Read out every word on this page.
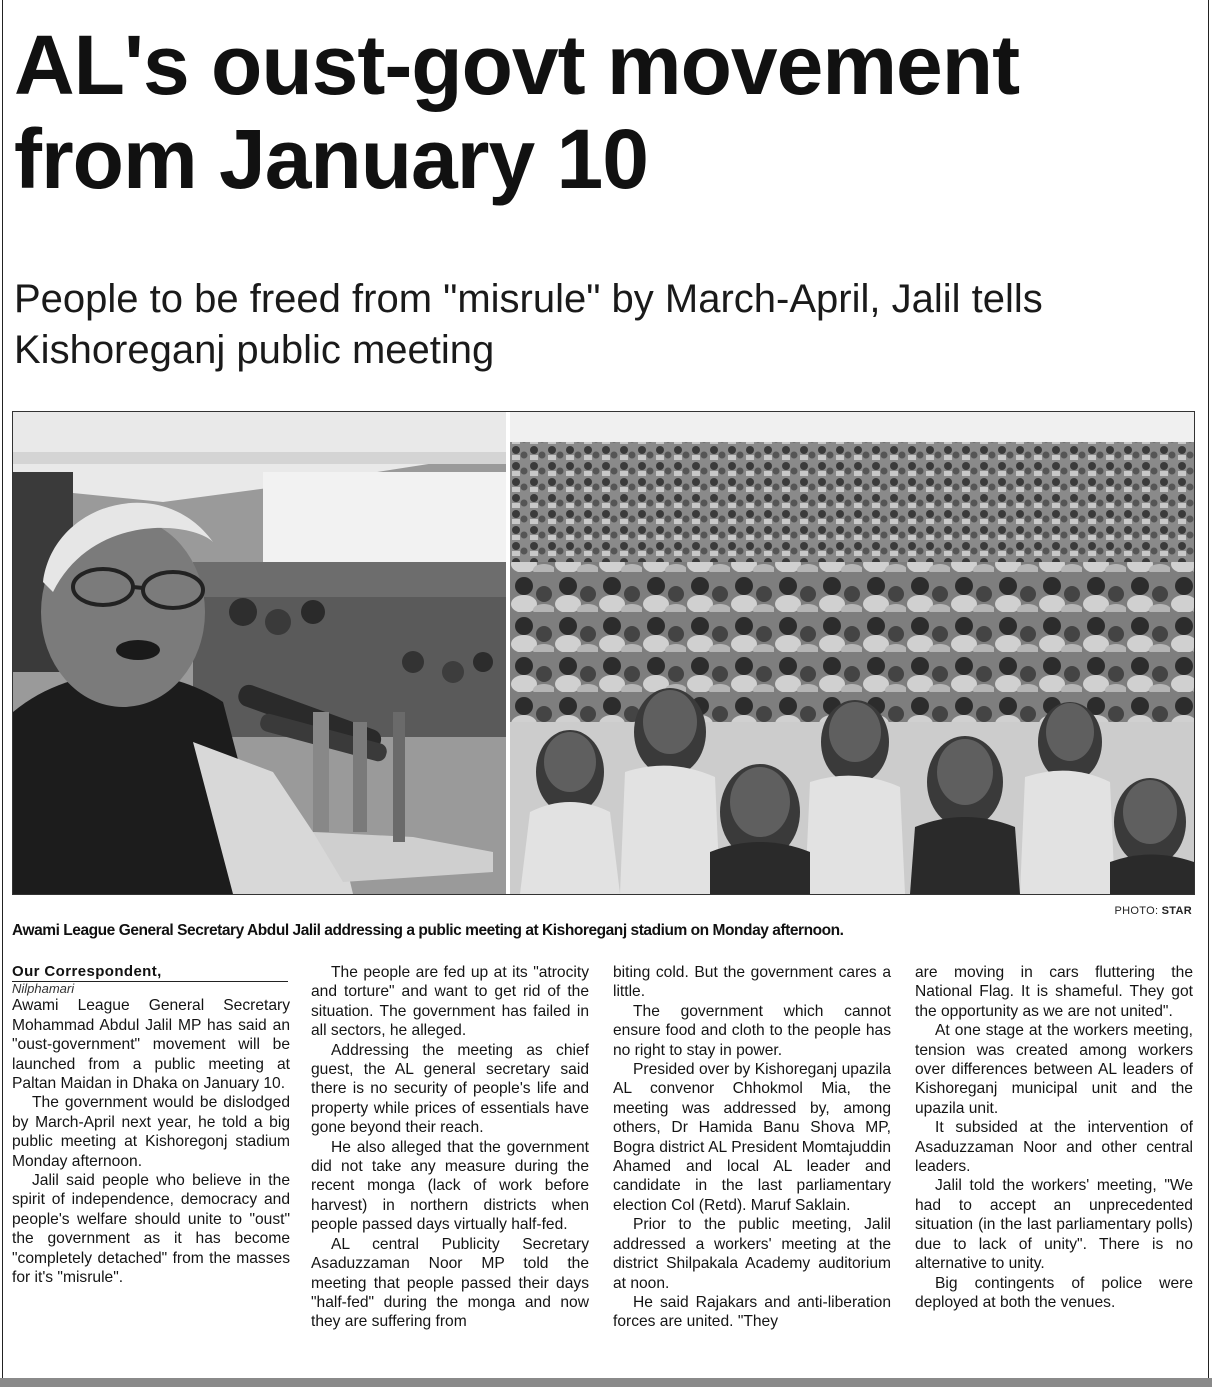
AL's oust-govt movement from January 10
People to be freed from "misrule" by March-April, Jalil tells Kishoreganj public meeting
PHOTO: STAR
Awami League General Secretary Abdul Jalil addressing a public meeting at Kishoreganj stadium on Monday afternoon.

Our Correspondent,

Nilphamari

Awami League General Secretary Mohammad Abdul Jalil MP has said an "oust-government" movement will be launched from a public meeting at Paltan Maidan in Dhaka on January 10.

The government would be dislodged by March-April next year, he told a big public meeting at Kishoregonj stadium Monday afternoon.

Jalil said people who believe in the spirit of independence, democracy and people's welfare should unite to "oust" the government as it has become "completely detached" from the masses for it's "misrule".

The people are fed up at its "atrocity and torture" and want to get rid of the situation. The government has failed in all sectors, he alleged.

Addressing the meeting as chief guest, the AL general secretary said there is no security of people's life and property while prices of essentials have gone beyond their reach.

He also alleged that the government did not take any measure during the recent monga (lack of work before harvest) in northern districts when people passed days virtually half-fed.

AL central Publicity Secretary Asaduzzaman Noor MP told the meeting that people passed their days "half-fed" during the monga and now they are suffering from

biting cold. But the government cares a little.

The government which cannot ensure food and cloth to the people has no right to stay in power.

Presided over by Kishoreganj upazila AL convenor Chhokmol Mia, the meeting was addressed by, among others, Dr Hamida Banu Shova MP, Bogra district AL President Momtajuddin Ahamed and local AL leader and candidate in the last parliamentary election Col (Retd). Maruf Saklain.

Prior to the public meeting, Jalil addressed a workers' meeting at the district Shilpakala Academy auditorium at noon.

He said Rajakars and anti-liberation forces are united. "They

are moving in cars fluttering the National Flag. It is shameful. They got the opportunity as we are not united".

At one stage at the workers meeting, tension was created among workers over differences between AL leaders of Kishoreganj municipal unit and the upazila unit.

It subsided at the intervention of Asaduzzaman Noor and other central leaders.

Jalil told the workers' meeting, "We had to accept an unprecedented situation (in the last parliamentary polls) due to lack of unity". There is no alternative to unity.

Big contingents of police were deployed at both the venues.
